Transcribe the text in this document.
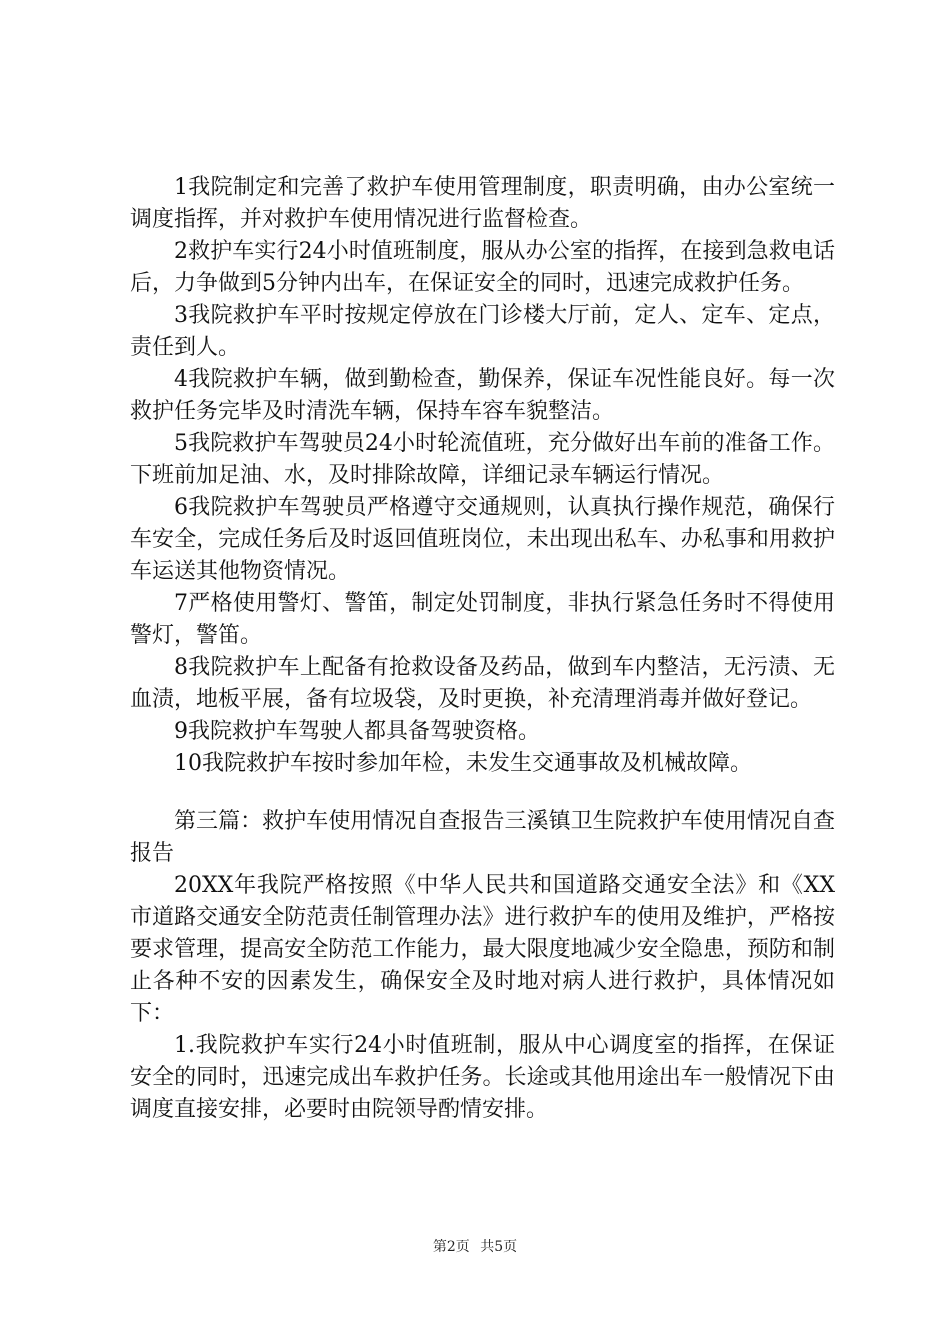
1我院制定和完善了救护车使用管理制度，职责明确，由办公室统一调度指挥，并对救护车使用情况进行监督检查。

2救护车实行24小时值班制度，服从办公室的指挥，在接到急救电话后，力争做到5分钟内出车，在保证安全的同时，迅速完成救护任务。

3我院救护车平时按规定停放在门诊楼大厅前，定人、定车、定点，责任到人。

4我院救护车辆，做到勤检查，勤保养，保证车况性能良好。每一次救护任务完毕及时清洗车辆，保持车容车貌整洁。

5我院救护车驾驶员24小时轮流值班，充分做好出车前的准备工作。下班前加足油、水，及时排除故障，详细记录车辆运行情况。

6我院救护车驾驶员严格遵守交通规则，认真执行操作规范，确保行车安全，完成任务后及时返回值班岗位，未出现出私车、办私事和用救护车运送其他物资情况。

7严格使用警灯、警笛，制定处罚制度，非执行紧急任务时不得使用警灯，警笛。

8我院救护车上配备有抢救设备及药品，做到车内整洁，无污渍、无血渍，地板平展，备有垃圾袋，及时更换，补充清理消毒并做好登记。

9我院救护车驾驶人都具备驾驶资格。

10我院救护车按时参加年检，未发生交通事故及机械故障。

第三篇：救护车使用情况自查报告三溪镇卫生院救护车使用情况自查报告

20XX年我院严格按照《中华人民共和国道路交通安全法》和《XX市道路交通安全防范责任制管理办法》进行救护车的使用及维护，严格按要求管理，提高安全防范工作能力，最大限度地减少安全隐患，预防和制止各种不安的因素发生，确保安全及时地对病人进行救护，具体情况如下：

1.我院救护车实行24小时值班制，服从中心调度室的指挥，在保证安全的同时，迅速完成出车救护任务。长途或其他用途出车一般情况下由调度直接安排，必要时由院领导酌情安排。

第2页 共5页
